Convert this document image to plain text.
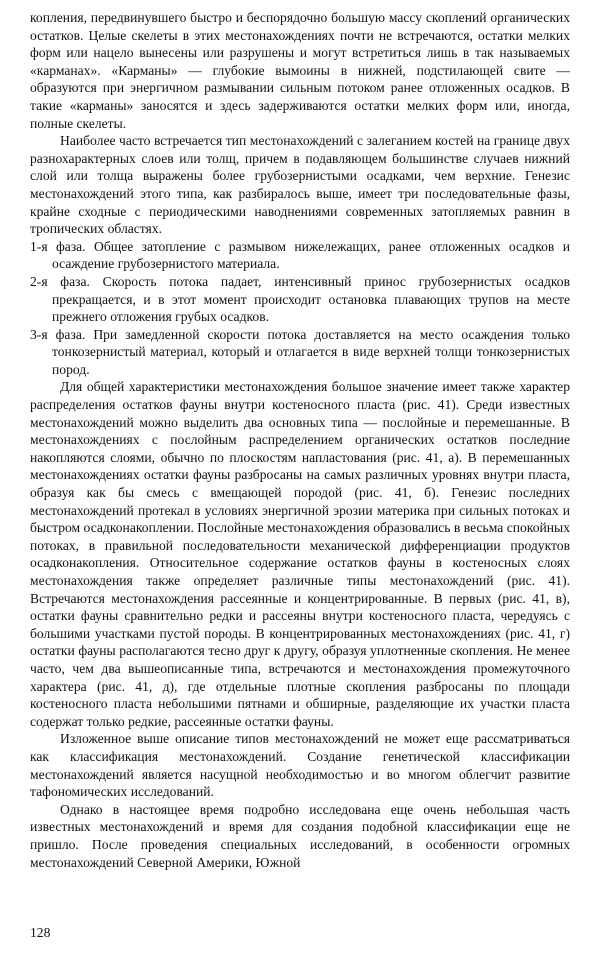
копления, передвинувшего быстро и беспорядочно большую массу скоплений органических остатков. Целые скелеты в этих местонахождениях почти не встречаются, остатки мелких форм или нацело вынесены или разрушены и могут встретиться лишь в так называемых «карманах». «Карманы» — глубокие вымоины в нижней, подстилающей свите — образуются при энергичном размывании сильным потоком ранее отложенных осадков. В такие «карманы» заносятся и здесь задерживаются остатки мелких форм или, иногда, полные скелеты.

Наиболее часто встречается тип местонахождений с залеганием костей на границе двух разнохарактерных слоев или толщ, причем в подавляющем большинстве случаев нижний слой или толща выражены более грубозернистыми осадками, чем верхние. Генезис местонахождений этого типа, как разбиралось выше, имеет три последовательные фазы, крайне сходные с периодическими наводнениями современных затопляемых равнин в тропических областях.

1-я фаза. Общее затопление с размывом нижележащих, ранее отложенных осадков и осаждение грубозернистого материала.

2-я фаза. Скорость потока падает, интенсивный принос грубозернистых осадков прекращается, и в этот момент происходит остановка плавающих трупов на месте прежнего отложения грубых осадков.

3-я фаза. При замедленной скорости потока доставляется на место осаждения только тонкозернистый материал, который и отлагается в виде верхней толщи тонкозернистых пород.

Для общей характеристики местонахождения большое значение имеет также характер распределения остатков фауны внутри костеносного пласта (рис. 41). Среди известных местонахождений можно выделить два основных типа — послойные и перемешанные. В местонахождениях с послойным распределением органических остатков последние накопляются слоями, обычно по плоскостям напластования (рис. 41, а). В перемешанных местонахождениях остатки фауны разбросаны на самых различных уровнях внутри пласта, образуя как бы смесь с вмещающей породой (рис. 41, б). Генезис последних местонахождений протекал в условиях энергичной эрозии материка при сильных потоках и быстром осадконакоплении. Послойные местонахождения образовались в весьма спокойных потоках, в правильной последовательности механической дифференциации продуктов осадконакопления. Относительное содержание остатков фауны в костеносных слоях местонахождения также определяет различные типы местонахождений (рис. 41). Встречаются местонахождения рассеянные и концентрированные. В первых (рис. 41, в), остатки фауны сравнительно редки и рассеяны внутри костеносного пласта, чередуясь с большими участками пустой породы. В концентрированных местонахождениях (рис. 41, г) остатки фауны располагаются тесно друг к другу, образуя уплотненные скопления. Не менее часто, чем два вышеописанные типа, встречаются и местонахождения промежуточного характера (рис. 41, д), где отдельные плотные скопления разбросаны по площади костеносного пласта небольшими пятнами и обширные, разделяющие их участки пласта содержат только редкие, рассеянные остатки фауны.

Изложенное выше описание типов местонахождений не может еще рассматриваться как классификация местонахождений. Создание генетической классификации местонахождений является насущной необходимостью и во многом облегчит развитие тафономических исследований.

Однако в настоящее время подробно исследована еще очень небольшая часть известных местонахождений и время для создания подобной классификации еще не пришло. После проведения специальных исследований, в особенности огромных местонахождений Северной Америки, Южной

128
